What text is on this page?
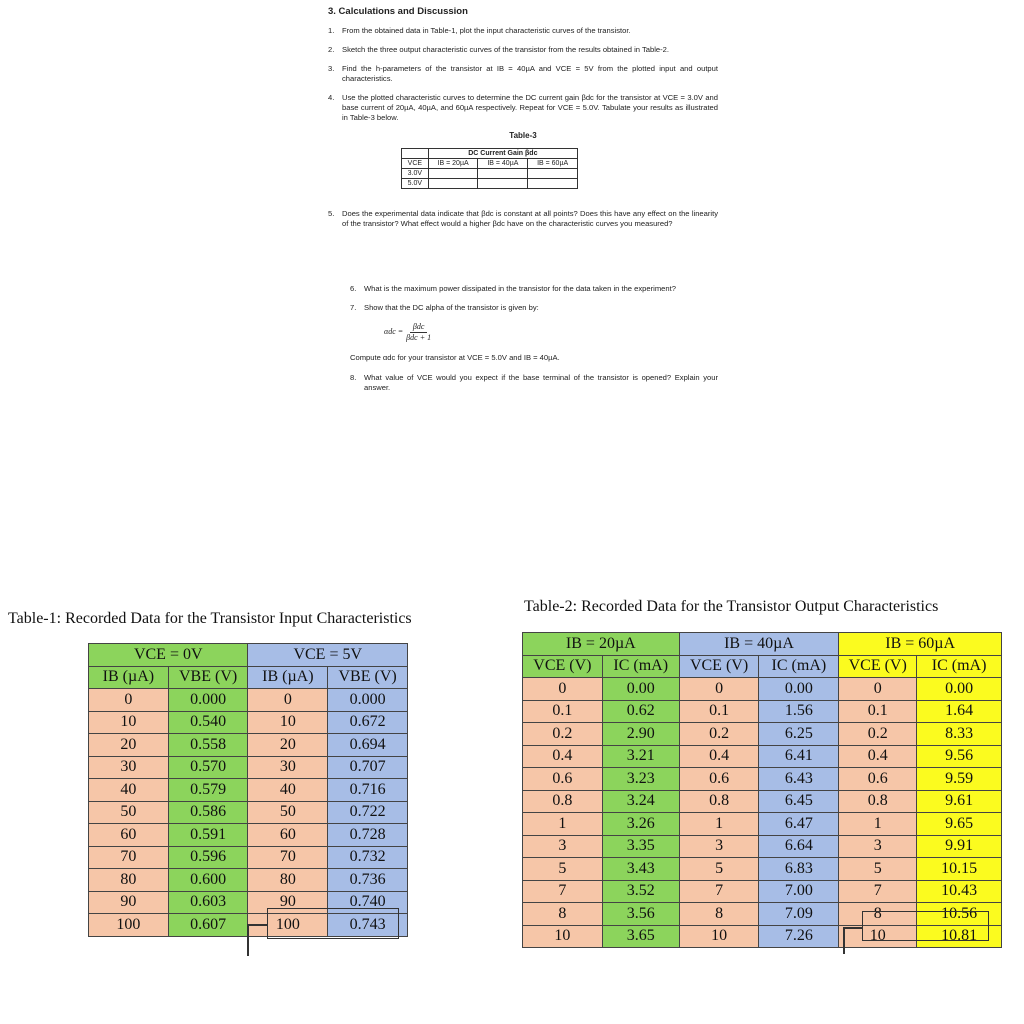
3. Calculations and Discussion
1.	From the obtained data in Table-1, plot the input characteristic curves of the transistor.
2.	Sketch the three output characteristic curves of the transistor from the results obtained in Table-2.
3.	Find the h-parameters of the transistor at IB = 40µA and VCE = 5V from the plotted input and output characteristics.
4.	Use the plotted characteristic curves to determine the DC current gain βdc for the transistor at VCE = 3.0V and base current of 20µA, 40µA, and 60µA respectively. Repeat for VCE = 5.0V. Tabulate your results as illustrated in Table-3 below.
Table-3
	DC Current Gain βdc		
VCE	IB = 20µA	IB = 40µA	IB = 60µA
3.0V			
5.0V			
5.	Does the experimental data indicate that βdc is constant at all points? Does this have any effect on the linearity of the transistor? What effect would a higher βdc have on the characteristic curves you measured?
6.	What is the maximum power dissipated in the transistor for the data taken in the experiment?
7.	Show that the DC alpha of the transistor is given by:
$\alpha dc = \frac{\text{βdc}}{\text{βdc + 1}}$
Compute αdc for your transistor at VCE = 5.0V and IB = 40µA.
8.	What value of VCE would you expect if the base terminal of the transistor is opened? Explain your answer.
Table-1: Recorded Data for the Transistor Input Characteristics
VCE = 0V		VCE = 5V	
IB (µA)	VBE (V)	IB (µA)	VBE (V)
0	0.000	0	0.000
10	0.540	10	0.672
20	0.558	20	0.694
30	0.570	30	0.707
40	0.579	40	0.716
50	0.586	50	0.722
60	0.591	60	0.728
70	0.596	70	0.732
80	0.600	80	0.736
90	0.603	90	0.740
100	0.607	100	0.743
Table-2: Recorded Data for the Transistor Output Characteristics
IB = 20µA		IB = 40µA		IB = 60µA	
VCE (V)	IC (mA)	VCE (V)	IC (mA)	VCE (V)	IC (mA)
0	0.00	0	0.00	0	0.00
0.1	0.62	0.1	1.56	0.1	1.64
0.2	2.90	0.2	6.25	0.2	8.33
0.4	3.21	0.4	6.41	0.4	9.56
0.6	3.23	0.6	6.43	0.6	9.59
0.8	3.24	0.8	6.45	0.8	9.61
1	3.26	1	6.47	1	9.65
3	3.35	3	6.64	3	9.91
5	3.43	5	6.83	5	10.15
7	3.52	7	7.00	7	10.43
8	3.56	8	7.09	8	10.56
10	3.65	10	7.26	10	10.81
